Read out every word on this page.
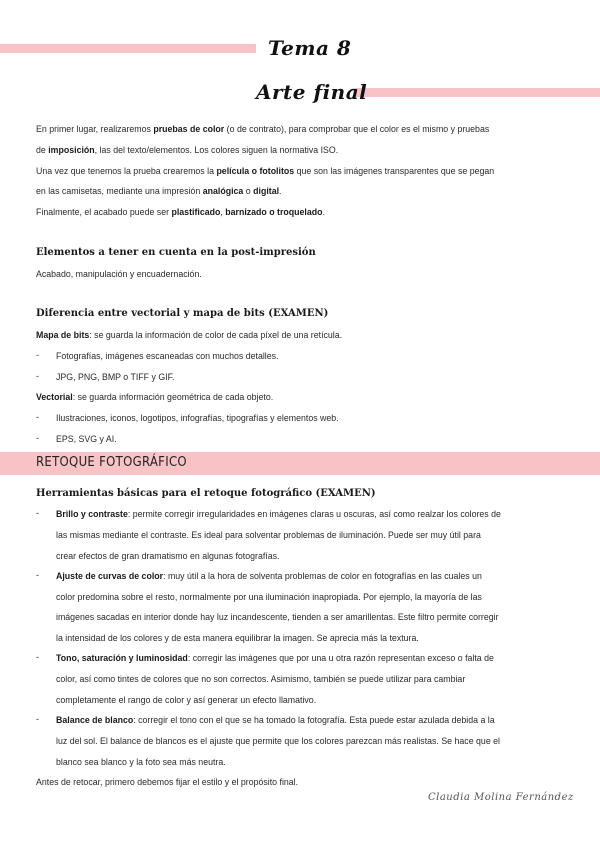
Tema 8
Arte final
En primer lugar, realizaremos pruebas de color (o de contrato), para comprobar que el color es el mismo y pruebas
de imposición, las del texto/elementos. Los colores siguen la normativa ISO.
Una vez que tenemos la prueba crearemos la película o fotolitos que son las imágenes transparentes que se pegan
en las camisetas, mediante una impresión analógica o digital.
Finalmente, el acabado puede ser plastificado, barnizado o troquelado.
Elementos a tener en cuenta en la post-impresión
Acabado, manipulación y encuadernación.
Diferencia entre vectorial y mapa de bits (EXAMEN)
Mapa de bits: se guarda la información de color de cada píxel de una retícula.
- Fotografías, imágenes escaneadas con muchos detalles.
- JPG, PNG, BMP o TIFF y GIF.
Vectorial: se guarda información geométrica de cada objeto.
- Ilustraciones, iconos, logotipos, infografías, tipografías y elementos web.
- EPS, SVG y AI.
RETOQUE FOTOGRÁFICO
Herramientas básicas para el retoque fotográfico (EXAMEN)
- Brillo y contraste: permite corregir irregularidades en imágenes claras u oscuras, así como realzar los colores de
las mismas mediante el contraste. Es ideal para solventar problemas de iluminación. Puede ser muy útil para
crear efectos de gran dramatismo en algunas fotografías.
- Ajuste de curvas de color: muy útil a la hora de solventa problemas de color en fotografías en las cuales un
color predomina sobre el resto, normalmente por una iluminación inapropiada. Por ejemplo, la mayoría de las
imágenes sacadas en interior donde hay luz incandescente, tienden a ser amarillentas. Este filtro permite corregir
la intensidad de los colores y de esta manera equilibrar la imagen. Se aprecia más la textura.
- Tono, saturación y luminosidad: corregir las imágenes que por una u otra razón representan exceso o falta de
color, así como tintes de colores que no son correctos. Asimismo, también se puede utilizar para cambiar
completamente el rango de color y así generar un efecto llamativo.
- Balance de blanco: corregir el tono con el que se ha tomado la fotografía. Esta puede estar azulada debida a la
luz del sol. El balance de blancos es el ajuste que permite que los colores parezcan más realistas. Se hace que el
blanco sea blanco y la foto sea más neutra.
Antes de retocar, primero debemos fijar el estilo y el propósito final.
Claudia Molina Fernández
